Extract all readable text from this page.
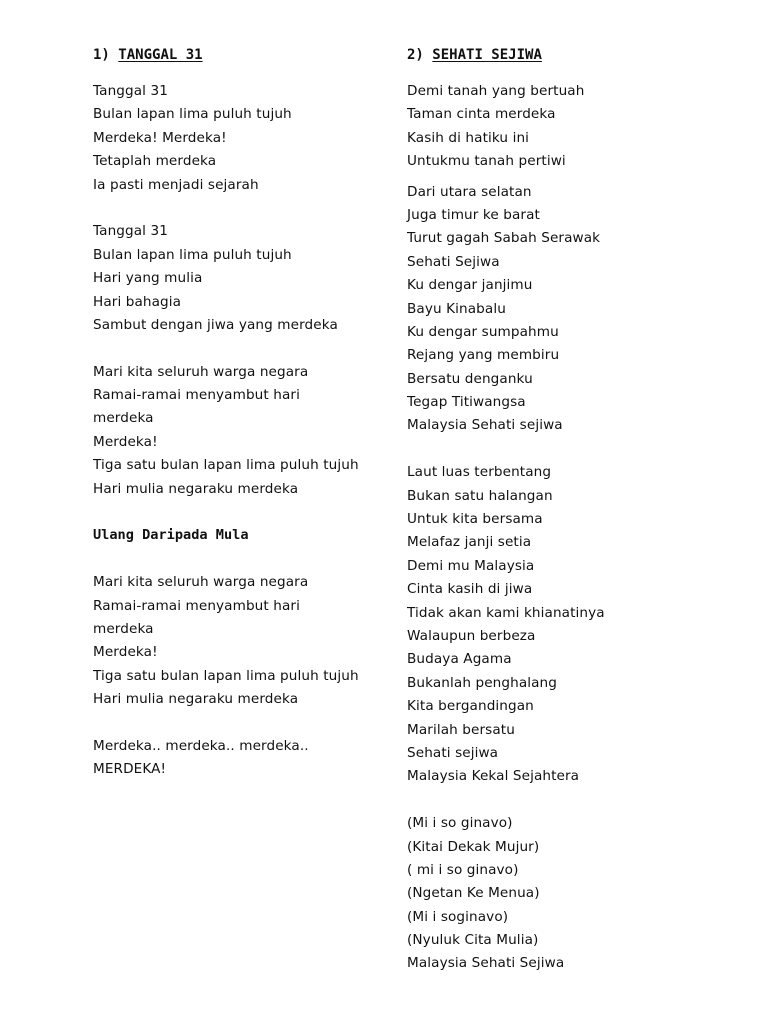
1) TANGGAL 31
Tanggal 31
Bulan lapan lima puluh tujuh
Merdeka! Merdeka!
Tetaplah merdeka
Ia pasti menjadi sejarah
Tanggal 31
Bulan lapan lima puluh tujuh
Hari yang mulia
Hari bahagia
Sambut dengan jiwa yang merdeka
Mari kita seluruh warga negara
Ramai-ramai menyambut hari
merdeka
Merdeka!
Tiga satu bulan lapan lima puluh tujuh
Hari mulia negaraku merdeka
Ulang Daripada Mula
Mari kita seluruh warga negara
Ramai-ramai menyambut hari
merdeka
Merdeka!
Tiga satu bulan lapan lima puluh tujuh
Hari mulia negaraku merdeka
Merdeka.. merdeka.. merdeka..
MERDEKA!
2) SEHATI SEJIWA
Demi tanah yang bertuah
Taman cinta merdeka
Kasih di hatiku ini
Untukmu tanah pertiwi
Dari utara selatan
Juga timur ke barat
Turut gagah Sabah Serawak
Sehati Sejiwa
Ku dengar janjimu
Bayu Kinabalu
Ku dengar sumpahmu
Rejang yang membiru
Bersatu denganku
Tegap Titiwangsa
Malaysia Sehati sejiwa
Laut luas terbentang
Bukan satu halangan
Untuk kita bersama
Melafaz janji setia
Demi mu Malaysia
Cinta kasih di jiwa
Tidak akan kami khianatinya
Walaupun berbeza
Budaya Agama
Bukanlah penghalang
Kita bergandingan
Marilah bersatu
Sehati sejiwa
Malaysia Kekal Sejahtera
(Mi i so ginavo)
(Kitai Dekak Mujur)
( mi i so ginavo)
(Ngetan Ke Menua)
(Mi i soginavo)
(Nyuluk Cita Mulia)
Malaysia Sehati Sejiwa
